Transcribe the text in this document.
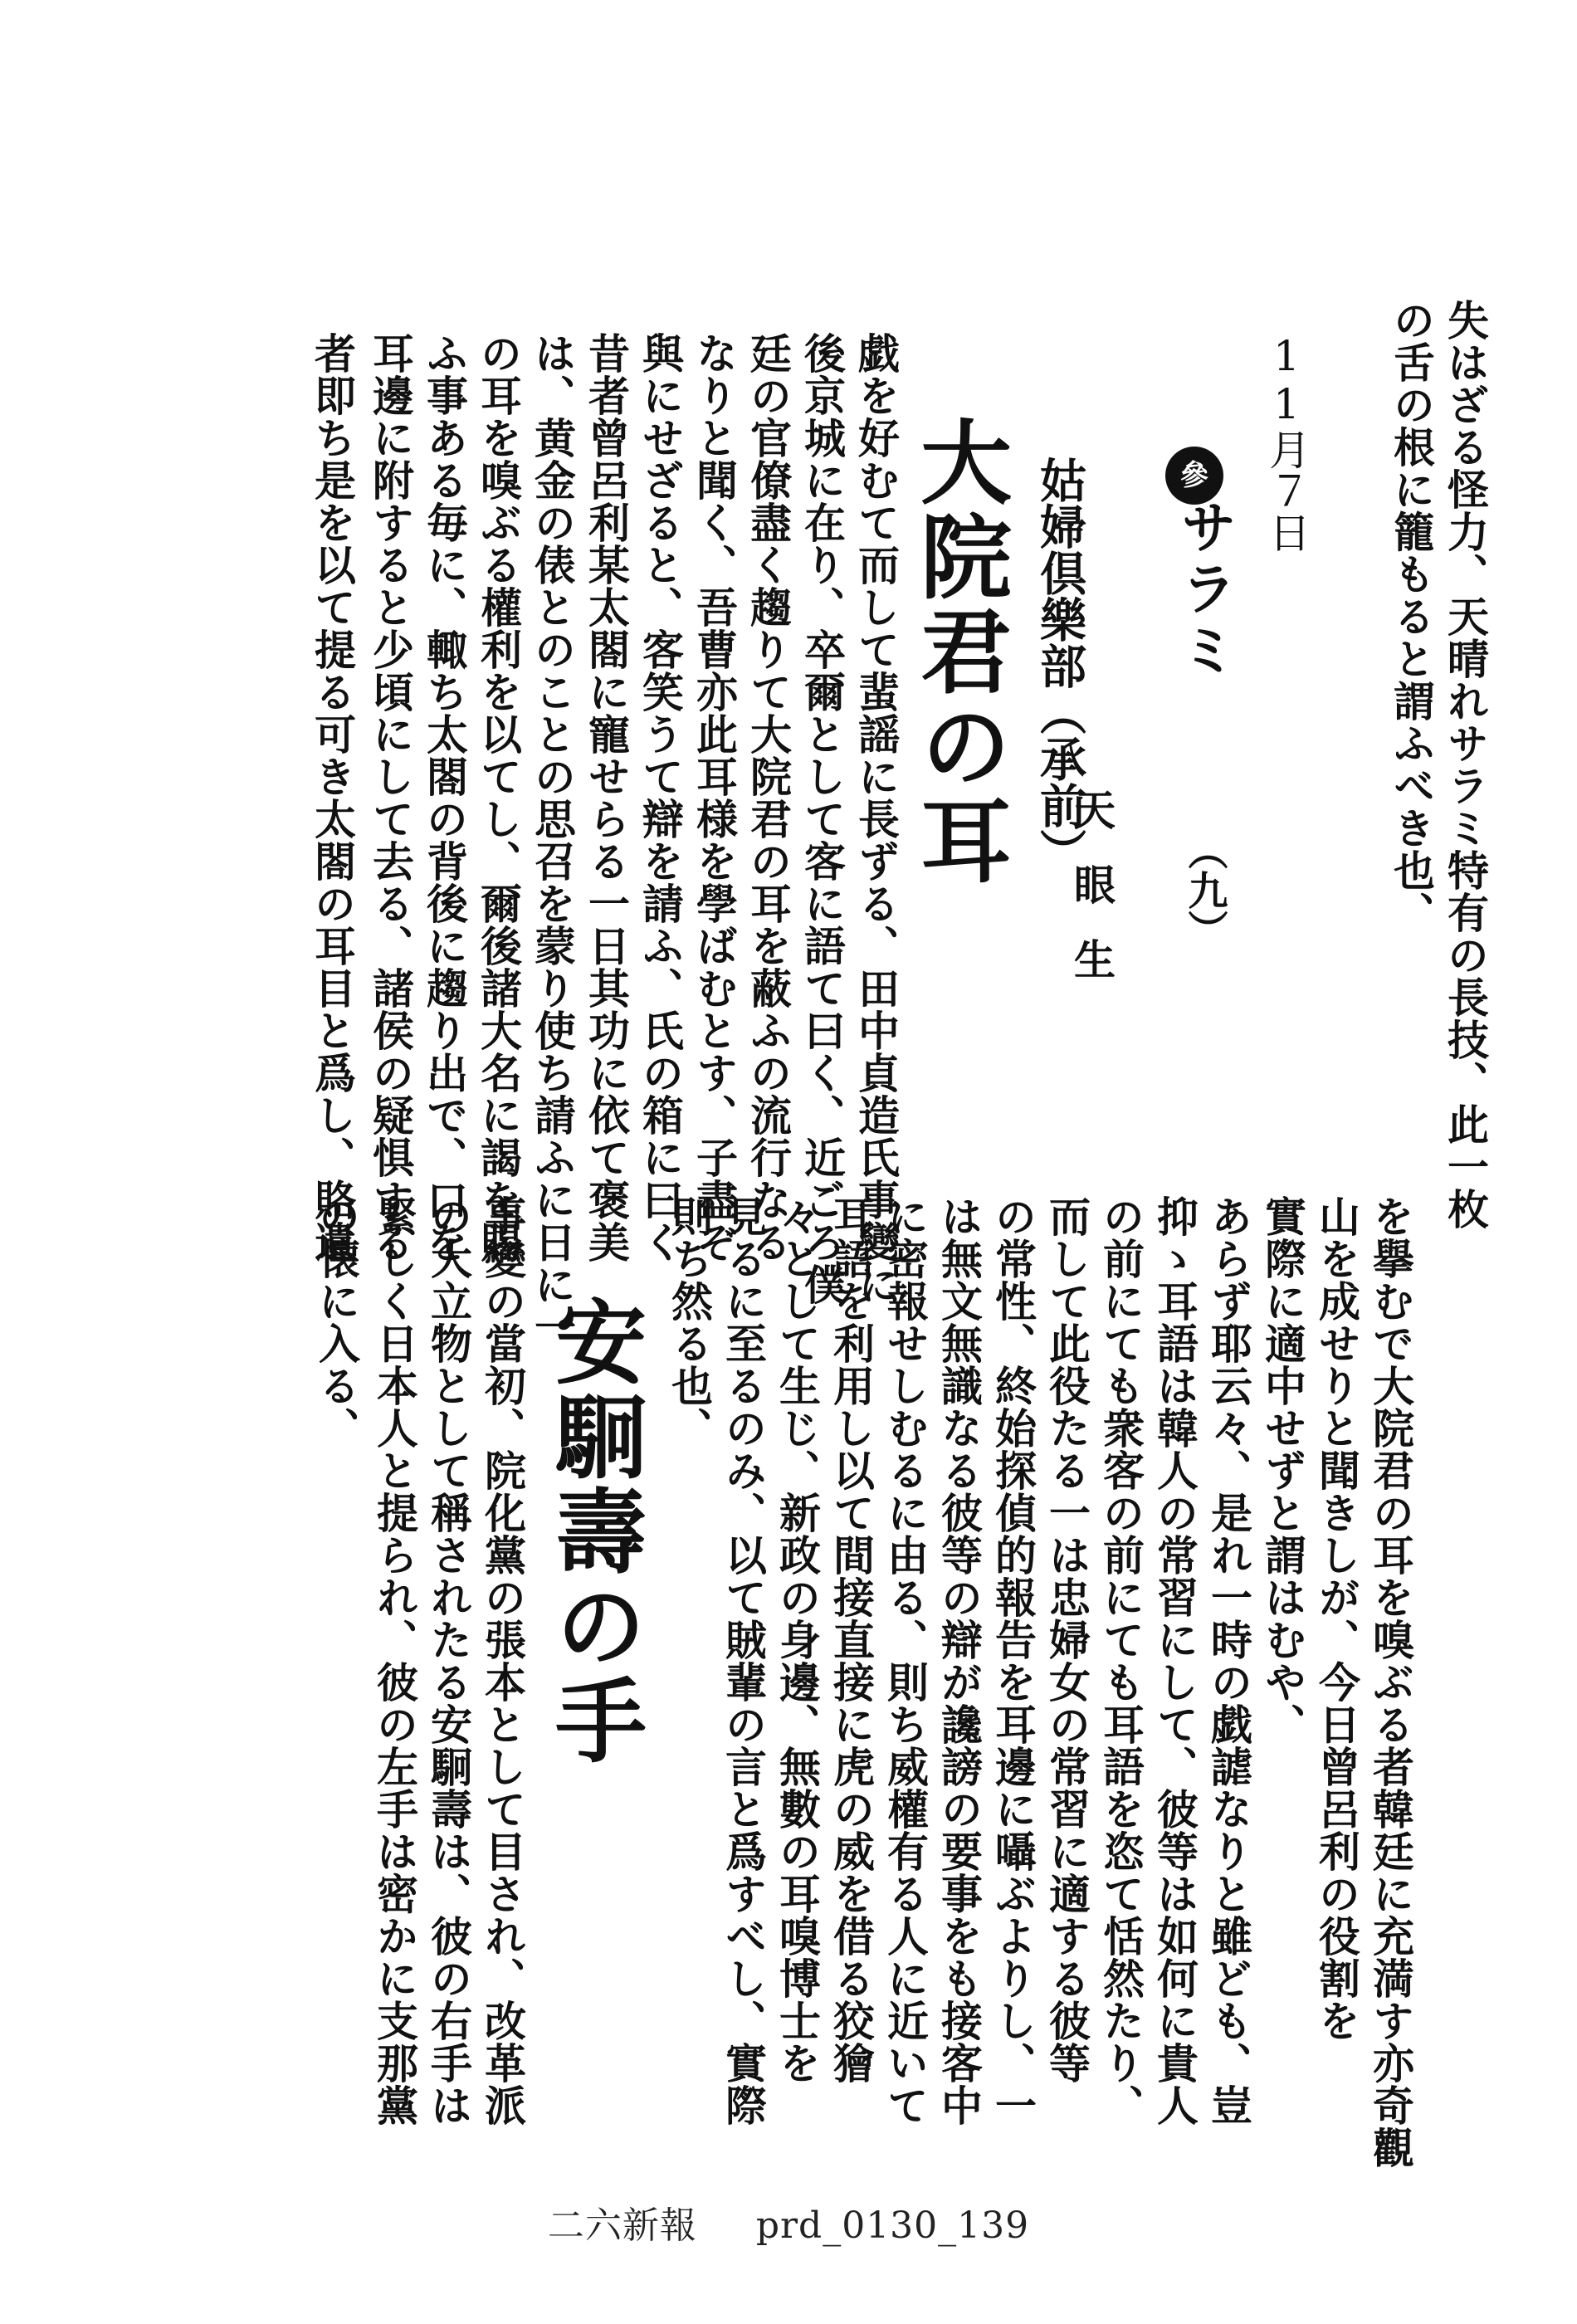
失はざる怪力、天晴れサラミ特有の長技、此一枚
の舌の根に籠もると謂ふべき也、
11月７日

參

サラミ
（九）
天眼生
姑婦倶樂部（承前）
大院君の耳
戯を好むて而して蜚謡に長ずる、田中貞造氏事變に
後京城に在り、卒爾として客に語て曰く、近ごろ僕
廷の官僚盡く趨りて大院君の耳を蔽ふの流行なる
なりと聞く、吾曹亦此耳様を學ばむとす、子盡ぞ
與にせざると、客笑うて辯を請ふ、氏の箱に曰く
昔者曾呂利某太閤に寵せらる一日其功に依て褒美
は、黄金の俵とのことの思召を蒙り使ち請ふに日に一
の耳を嗅ぶる權利を以てし、爾後諸大名に謁を賜
ふ事ある毎に、輙ち太閤の背後に趨り出で、口を
耳邊に附すると少頃にして去る、諸侯の疑惧する
者即ち是を以て提る可き太閤の耳目と爲し、賂遺
を擧むで大院君の耳を嗅ぶる者韓廷に充満す亦奇觀
山を成せりと聞きしが、今日曾呂利の役割を
實際に適中せずと謂はむや、
あらず耶云々、是れ一時の戯謔なりと雖ども、豈
抑ゝ耳語は韓人の常習にして、彼等は如何に貴人
の前にても衆客の前にても耳語を恣て恬然たり、
而して此役たる一は忠婦女の常習に適する彼等
の常性、終始探偵的報告を耳邊に囁ぶよりし、一
は無文無識なる彼等の辯が讒謗の要事をも接客中
に密報せしむるに由る、則ち威權有る人に近いて
耳語を利用し以て間接直接に虎の威を借る狡獪
々として生じ、新政の身邊、無數の耳嗅博士を
見るに至るのみ、以て賊輩の言と爲すべし、實際
則ち然る也、
安駉壽の手
事變の當初、院化黨の張本として目され、改革派
の大立物として稱されたる安駉壽は、彼の右手は
緊しく日本人と提られ、彼の左手は密かに支那黨
の懐に入る、
二六新報 prd_0130_139
